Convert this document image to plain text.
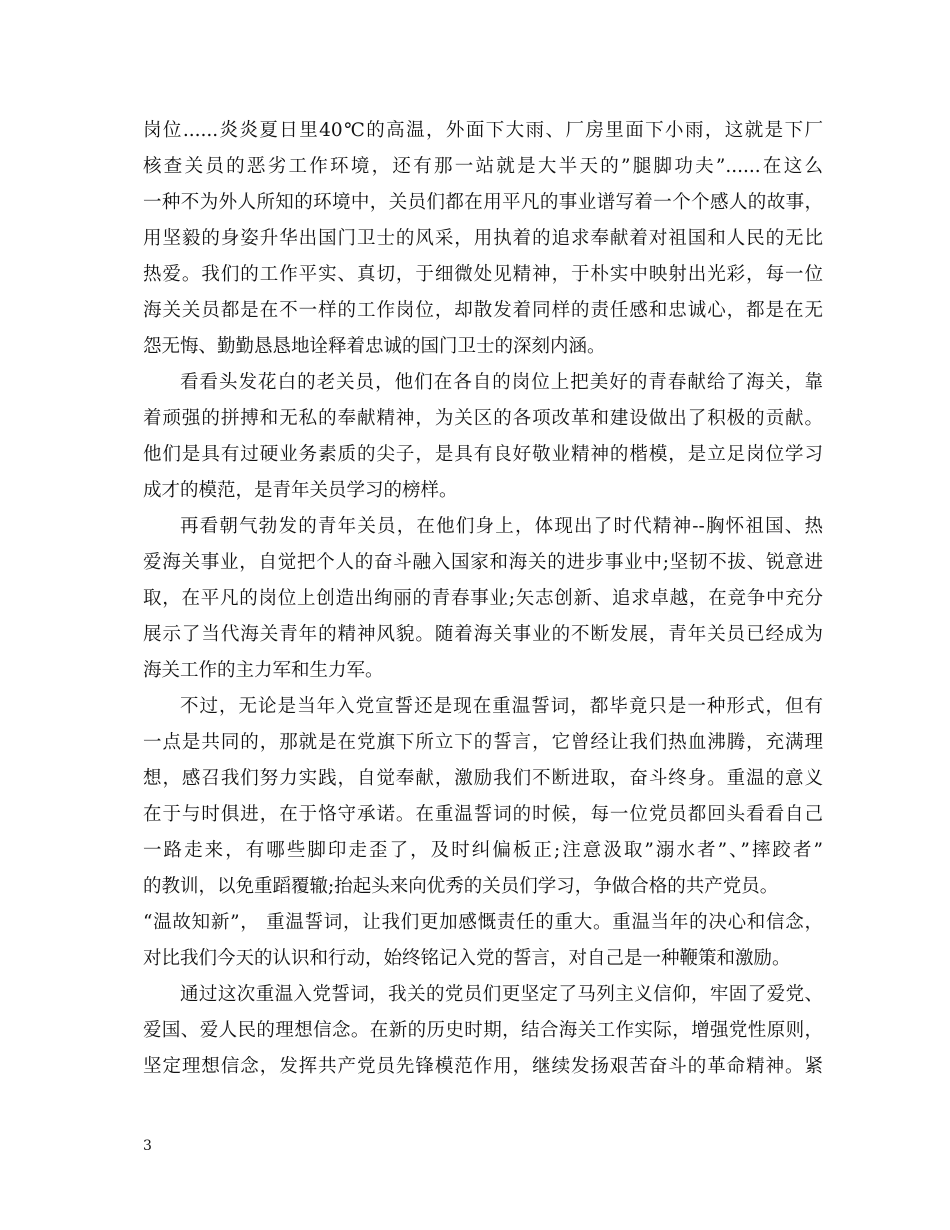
岗位......炎炎夏日里40℃的高温，外面下大雨、厂房里面下小雨，这就是下厂
核查关员的恶劣工作环境，还有那一站就是大半天的”腿脚功夫”......在这么
一种不为外人所知的环境中，关员们都在用平凡的事业谱写着一个个感人的故事，
用坚毅的身姿升华出国门卫士的风采，用执着的追求奉献着对祖国和人民的无比
热爱。我们的工作平实、真切，于细微处见精神，于朴实中映射出光彩，每一位
海关关员都是在不一样的工作岗位，却散发着同样的责任感和忠诚心，都是在无
怨无悔、勤勤恳恳地诠释着忠诚的国门卫士的深刻内涵。
看看头发花白的老关员，他们在各自的岗位上把美好的青春献给了海关，靠
着顽强的拼搏和无私的奉献精神，为关区的各项改革和建设做出了积极的贡献。
他们是具有过硬业务素质的尖子，是具有良好敬业精神的楷模，是立足岗位学习
成才的模范，是青年关员学习的榜样。
再看朝气勃发的青年关员，在他们身上，体现出了时代精神--胸怀祖国、热
爱海关事业，自觉把个人的奋斗融入国家和海关的进步事业中;坚韧不拔、锐意进
取，在平凡的岗位上创造出绚丽的青春事业;矢志创新、追求卓越，在竞争中充分
展示了当代海关青年的精神风貌。随着海关事业的不断发展，青年关员已经成为
海关工作的主力军和生力军。
不过，无论是当年入党宣誓还是现在重温誓词，都毕竟只是一种形式，但有
一点是共同的，那就是在党旗下所立下的誓言，它曾经让我们热血沸腾，充满理
想，感召我们努力实践，自觉奉献，激励我们不断进取，奋斗终身。重温的意义
在于与时俱进，在于恪守承诺。在重温誓词的时候，每一位党员都回头看看自己
一路走来，有哪些脚印走歪了，及时纠偏板正;注意汲取”溺水者”、”摔跤者”
的教训，以免重蹈覆辙;抬起头来向优秀的关员们学习，争做合格的共产党员。
“温故知新”， 重温誓词，让我们更加感慨责任的重大。重温当年的决心和信念，
对比我们今天的认识和行动，始终铭记入党的誓言，对自己是一种鞭策和激励。
通过这次重温入党誓词，我关的党员们更坚定了马列主义信仰，牢固了爱党、
爱国、爱人民的理想信念。在新的历史时期，结合海关工作实际，增强党性原则，
坚定理想信念，发挥共产党员先锋模范作用，继续发扬艰苦奋斗的革命精神。紧
3
